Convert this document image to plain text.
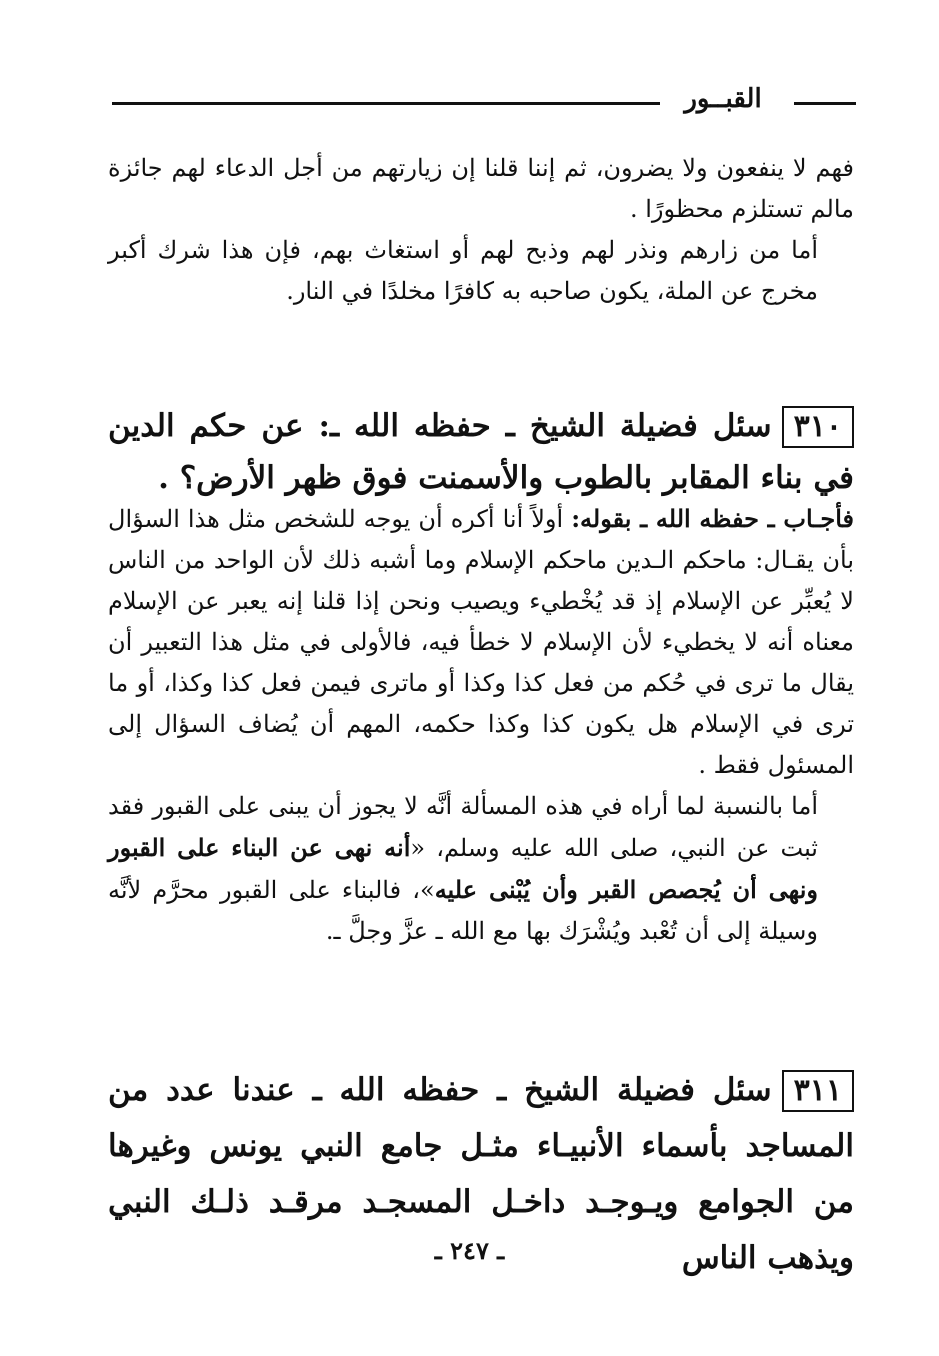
القبــور

فهم لا ينفعون ولا يضرون، ثم إننا قلنا إن زيارتهم من أجل الدعاء لهم جائزة مالم تستلزم محظورًا .

أما من زارهم ونذر لهم وذبح لهم أو استغاث بهم، فإن هذا شرك أكبر مخرج عن الملة، يكون صاحبه به كافرًا مخلدًا في النار.

٣١٠سئل فضيلة الشيخ ـ حفظه الله ـ: عن حكم الدين في بناء المقابر بالطوب والأسمنت فوق ظهر الأرض؟ .

فأجـاب ـ حفظه الله ـ بقوله: أولاً أنا أكره أن يوجه للشخص مثل هذا السؤال بأن يقـال: ماحكم الـدين ماحكم الإسلام وما أشبه ذلك لأن الواحد من الناس لا يُعبِّر عن الإسلام إذ قد يُخْطيء ويصيب ونحن إذا قلنا إنه يعبر عن الإسلام معناه أنه لا يخطيء لأن الإسلام لا خطأ فيه، فالأولى في مثل هذا التعبير أن يقال ما ترى في حُكم من فعل كذا وكذا أو ماترى فيمن فعل كذا وكذا، أو ما ترى في الإسلام هل يكون كذا وكذا حكمه، المهم أن يُضاف السؤال إلى المسئول فقط .

أما بالنسبة لما أراه في هذه المسألة أنَّه لا يجوز أن يبنى على القبور فقد ثبت عن النبي، صلى الله عليه وسلم، «أنه نهى عن البناء على القبور ونهى أن يُجصص القبر وأن يُبْنى عليه»، فالبناء على القبور محرَّم لأنَّه وسيلة إلى أن تُعْبد ويُشْرَك بها مع الله ـ عزَّ وجلَّ ـ.

٣١١سئل فضيلة الشيخ ـ حفظه الله ـ عندنا عدد من المساجد بأسماء الأنبيـاء مثـل جامع النبي يونس وغيرها من الجوامع ويـوجـد داخـل المسجـد مرقـد ذلـك النبي ويذهب الناس
ـ ٢٤٧ ـ
